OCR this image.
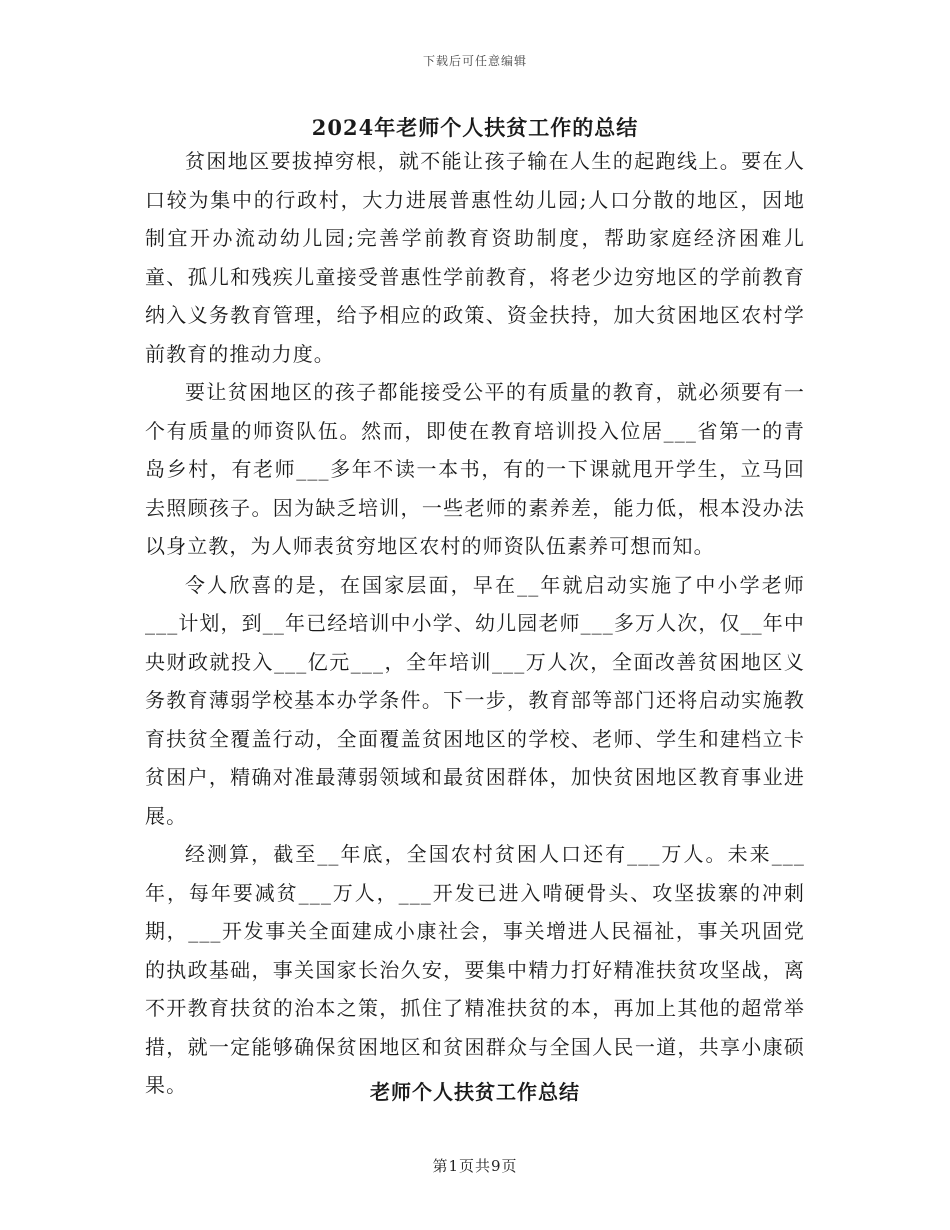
下载后可任意编辑
2024年老师个人扶贫工作的总结

贫困地区要拔掉穷根，就不能让孩子输在人生的起跑线上。要在人口较为集中的行政村，大力进展普惠性幼儿园;人口分散的地区，因地制宜开办流动幼儿园;完善学前教育资助制度，帮助家庭经济困难儿童、孤儿和残疾儿童接受普惠性学前教育，将老少边穷地区的学前教育纳入义务教育管理，给予相应的政策、资金扶持，加大贫困地区农村学前教育的推动力度。

要让贫困地区的孩子都能接受公平的有质量的教育，就必须要有一个有质量的师资队伍。然而，即使在教育培训投入位居___省第一的青岛乡村，有老师___多年不读一本书，有的一下课就甩开学生，立马回去照顾孩子。因为缺乏培训，一些老师的素养差，能力低，根本没办法以身立教，为人师表贫穷地区农村的师资队伍素养可想而知。

令人欣喜的是，在国家层面，早在__年就启动实施了中小学老师___计划，到__年已经培训中小学、幼儿园老师___多万人次，仅__年中央财政就投入___亿元___，全年培训___万人次，全面改善贫困地区义务教育薄弱学校基本办学条件。下一步，教育部等部门还将启动实施教育扶贫全覆盖行动，全面覆盖贫困地区的学校、老师、学生和建档立卡贫困户，精确对准最薄弱领域和最贫困群体，加快贫困地区教育事业进展。

经测算，截至__年底，全国农村贫困人口还有___万人。未来___年，每年要减贫___万人，___开发已进入啃硬骨头、攻坚拔寨的冲刺期，___开发事关全面建成小康社会，事关增进人民福祉，事关巩固党的执政基础，事关国家长治久安，要集中精力打好精准扶贫攻坚战，离不开教育扶贫的治本之策，抓住了精准扶贫的本，再加上其他的超常举措，就一定能够确保贫困地区和贫困群众与全国人民一道，共享小康硕果。	老师个人扶贫工作总结
第1页共9页
